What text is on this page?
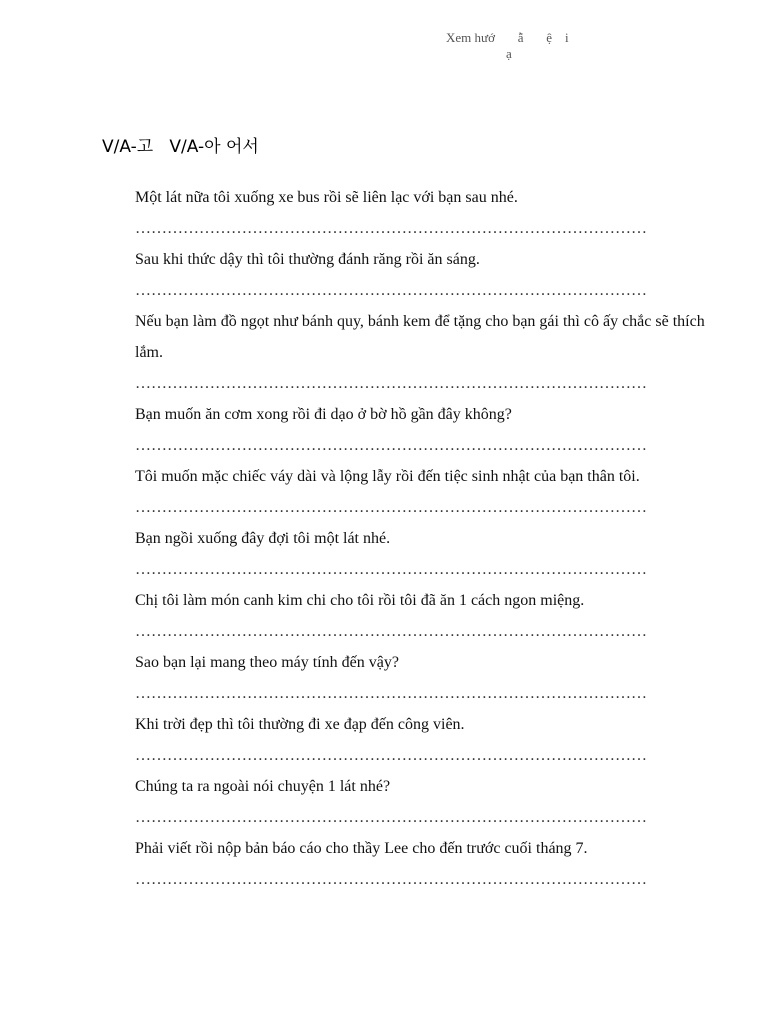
Xem hướ       ẫ       ệ    i
ạ
V/A-고   V/A-아 어서

Một lát nữa tôi xuống xe bus rồi sẽ liên lạc với bạn sau nhé.

……………………………………………………………………………………

Sau khi thức dậy thì tôi thường đánh răng rồi ăn sáng.

……………………………………………………………………………………

Nếu bạn làm đồ ngọt như bánh quy, bánh kem để tặng cho bạn gái thì cô ấy chắc sẽ thích lắm.

……………………………………………………………………………………

Bạn muốn ăn cơm xong rồi đi dạo ở bờ hồ gần đây không?

……………………………………………………………………………………

Tôi muốn mặc chiếc váy dài và lộng lẫy rồi đến tiệc sinh nhật của bạn thân tôi.

……………………………………………………………………………………

Bạn ngồi xuống đây đợi tôi một lát nhé.

……………………………………………………………………………………

Chị tôi làm món canh kim chi cho tôi rồi tôi đã ăn 1 cách ngon miệng.

……………………………………………………………………………………

Sao bạn lại mang theo máy tính đến vậy?

……………………………………………………………………………………

Khi trời đẹp thì tôi thường đi xe đạp đến công viên.

……………………………………………………………………………………

Chúng ta ra ngoài nói chuyện 1 lát nhé?

……………………………………………………………………………………

Phải viết rồi nộp bản báo cáo cho thầy Lee cho đến trước cuối tháng 7.

……………………………………………………………………………………
